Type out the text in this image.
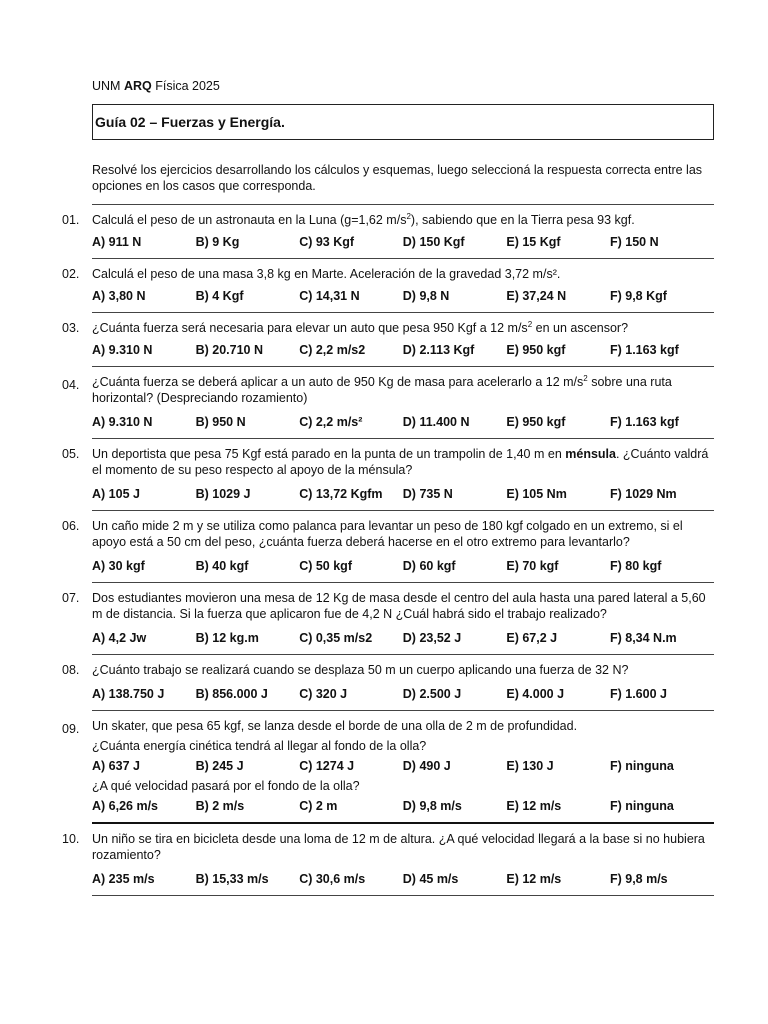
UNM ARQ Física 2025
Guía 02 – Fuerzas y Energía.
Resolvé los ejercicios desarrollando los cálculos y esquemas, luego seleccioná la respuesta correcta entre las opciones en los casos que corresponda.
01.	Calculá el peso de un astronauta en la Luna (g=1,62 $m/s^2$), sabiendo que en la Tierra pesa 93 kgf.
A) 911 N	B) 9 Kg	C) 93 Kgf	D) 150 Kgf	E) 15 Kgf	F) 150 N
02.	Calculá el peso de una masa 3,8 kg en Marte. Aceleración de la gravedad 3,72 m/s².
A) 3,80 N	B) 4 Kgf	C) 14,31 N	D) 9,8 N	E) 37,24 N	F) 9,8 Kgf
03.	¿Cuánta fuerza será necesaria para elevar un auto que pesa 950 Kgf a 12 $m/s^2$ en un ascensor?
A) 9.310 N	B) 20.710 N	C) 2,2 m/s2	D) 2.113 Kgf	E) 950 kgf	F) 1.163 kgf
04.	¿Cuánta fuerza se deberá aplicar a un auto de 950 Kg de masa para acelerarlo a 12 $m/s^2$ sobre una ruta horizontal? (Despreciando rozamiento)
A) 9.310 N	B) 950 N	C) 2,2 m/s²	D) 11.400 N	E) 950 kgf	F) 1.163 kgf
05.	Un deportista que pesa 75 Kgf está parado en la punta de un trampolin de 1,40 m en ménsula. ¿Cuánto valdrá el momento de su peso respecto al apoyo de la ménsula?
A) 105 J	B) 1029 J	C) 13,72 Kgfm	D) 735 N	E) 105 Nm	F) 1029 Nm
06.	Un caño mide 2 m y se utiliza como palanca para levantar un peso de 180 kgf colgado en un extremo, si el apoyo está a 50 cm del peso, ¿cuánta fuerza deberá hacerse en el otro extremo para levantarlo?
A) 30 kgf	B) 40 kgf	C) 50 kgf	D) 60 kgf	E) 70 kgf	F) 80 kgf
07.	Dos estudiantes movieron una mesa de 12 Kg de masa desde el centro del aula hasta una pared lateral a 5,60 m de distancia. Si la fuerza que aplicaron fue de 4,2 N ¿Cuál habrá sido el trabajo realizado?
A) 4,2 Jw	B) 12 kg.m	C) 0,35 m/s2	D) 23,52 J	E) 67,2 J	F) 8,34 N.m
08.	¿Cuánto trabajo se realizará cuando se desplaza 50 m un cuerpo aplicando una fuerza de 32 N?
A) 138.750 J	B) 856.000 J	C) 320 J	D) 2.500 J	E) 4.000 J	F) 1.600 J
09.	Un skater, que pesa 65 kgf, se lanza desde el borde de una olla de 2 m de profundidad.
¿Cuánta energía cinética tendrá al llegar al fondo de la olla?
A) 637 J	B) 245 J	C) 1274 J	D) 490 J	E) 130 J	F) ninguna
¿A qué velocidad pasará por el fondo de la olla?
A) 6,26 m/s	B) 2 m/s	C) 2 m	D) 9,8 m/s	E) 12 m/s	F) ninguna
10.	Un niño se tira en bicicleta desde una loma de 12 m de altura. ¿A qué velocidad llegará a la base si no hubiera rozamiento?
A) 235 m/s	B) 15,33 m/s	C) 30,6 m/s	D) 45 m/s	E) 12 m/s	F) 9,8 m/s
